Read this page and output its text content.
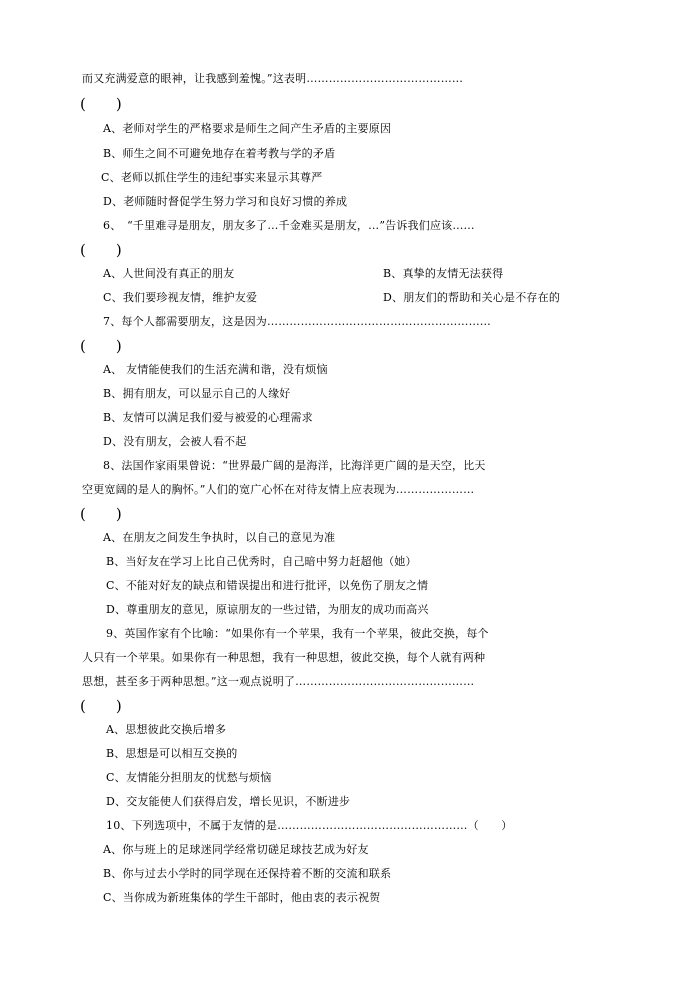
而又充满爱意的眼神，让我感到羞愧。”这表明……………………………………
(　　)
A、老师对学生的严格要求是师生之间产生矛盾的主要原因
B、师生之间不可避免地存在着考教与学的矛盾
C、老师以抓住学生的违纪事实来显示其尊严
D、老师随时督促学生努力学习和良好习惯的养成
6、　“千里难寻是朋友，朋友多了…千金难买是朋友，…”告诉我们应该……
(　　)
A、人世间没有真正的朋友	B、真挚的友情无法获得
C、我们要珍视友情，维护友爱	D、朋友们的帮助和关心是不存在的
7、每个人都需要朋友，这是因为……………………………………………………
(　　)
A、 友情能使我们的生活充满和谐，没有烦恼
B、拥有朋友，可以显示自己的人缘好
B、友情可以满足我们爱与被爱的心理需求
D、没有朋友，会被人看不起
8、法国作家雨果曾说：“世界最广阔的是海洋，比海洋更广阔的是天空，比天
空更宽阔的是人的胸怀。”人们的宽广心怀在对待友情上应表现为…………………
(　　)
A、在朋友之间发生争执时，以自己的意见为准
B、当好友在学习上比自己优秀时，自己暗中努力赶超他（她）
C、不能对好友的缺点和错误提出和进行批评，以免伤了朋友之情
D、尊重朋友的意见，原谅朋友的一些过错，为朋友的成功而高兴
9、英国作家有个比喻：“如果你有一个苹果，我有一个苹果，彼此交换，每个
人只有一个苹果。如果你有一种思想，我有一种思想，彼此交换，每个人就有两种
思想，甚至多于两种思想。”这一观点说明了…………………………………………
(　　)
A、思想彼此交换后增多
B、思想是可以相互交换的
C、友情能分担朋友的忧愁与烦恼
D、交友能使人们获得启发，增长见识，不断进步
10、下列选项中，不属于友情的是……………………………………………（　　）
A、你与班上的足球迷同学经常切磋足球技艺成为好友
B、你与过去小学时的同学现在还保持着不断的交流和联系
C、当你成为新班集体的学生干部时，他由衷的表示祝贺
